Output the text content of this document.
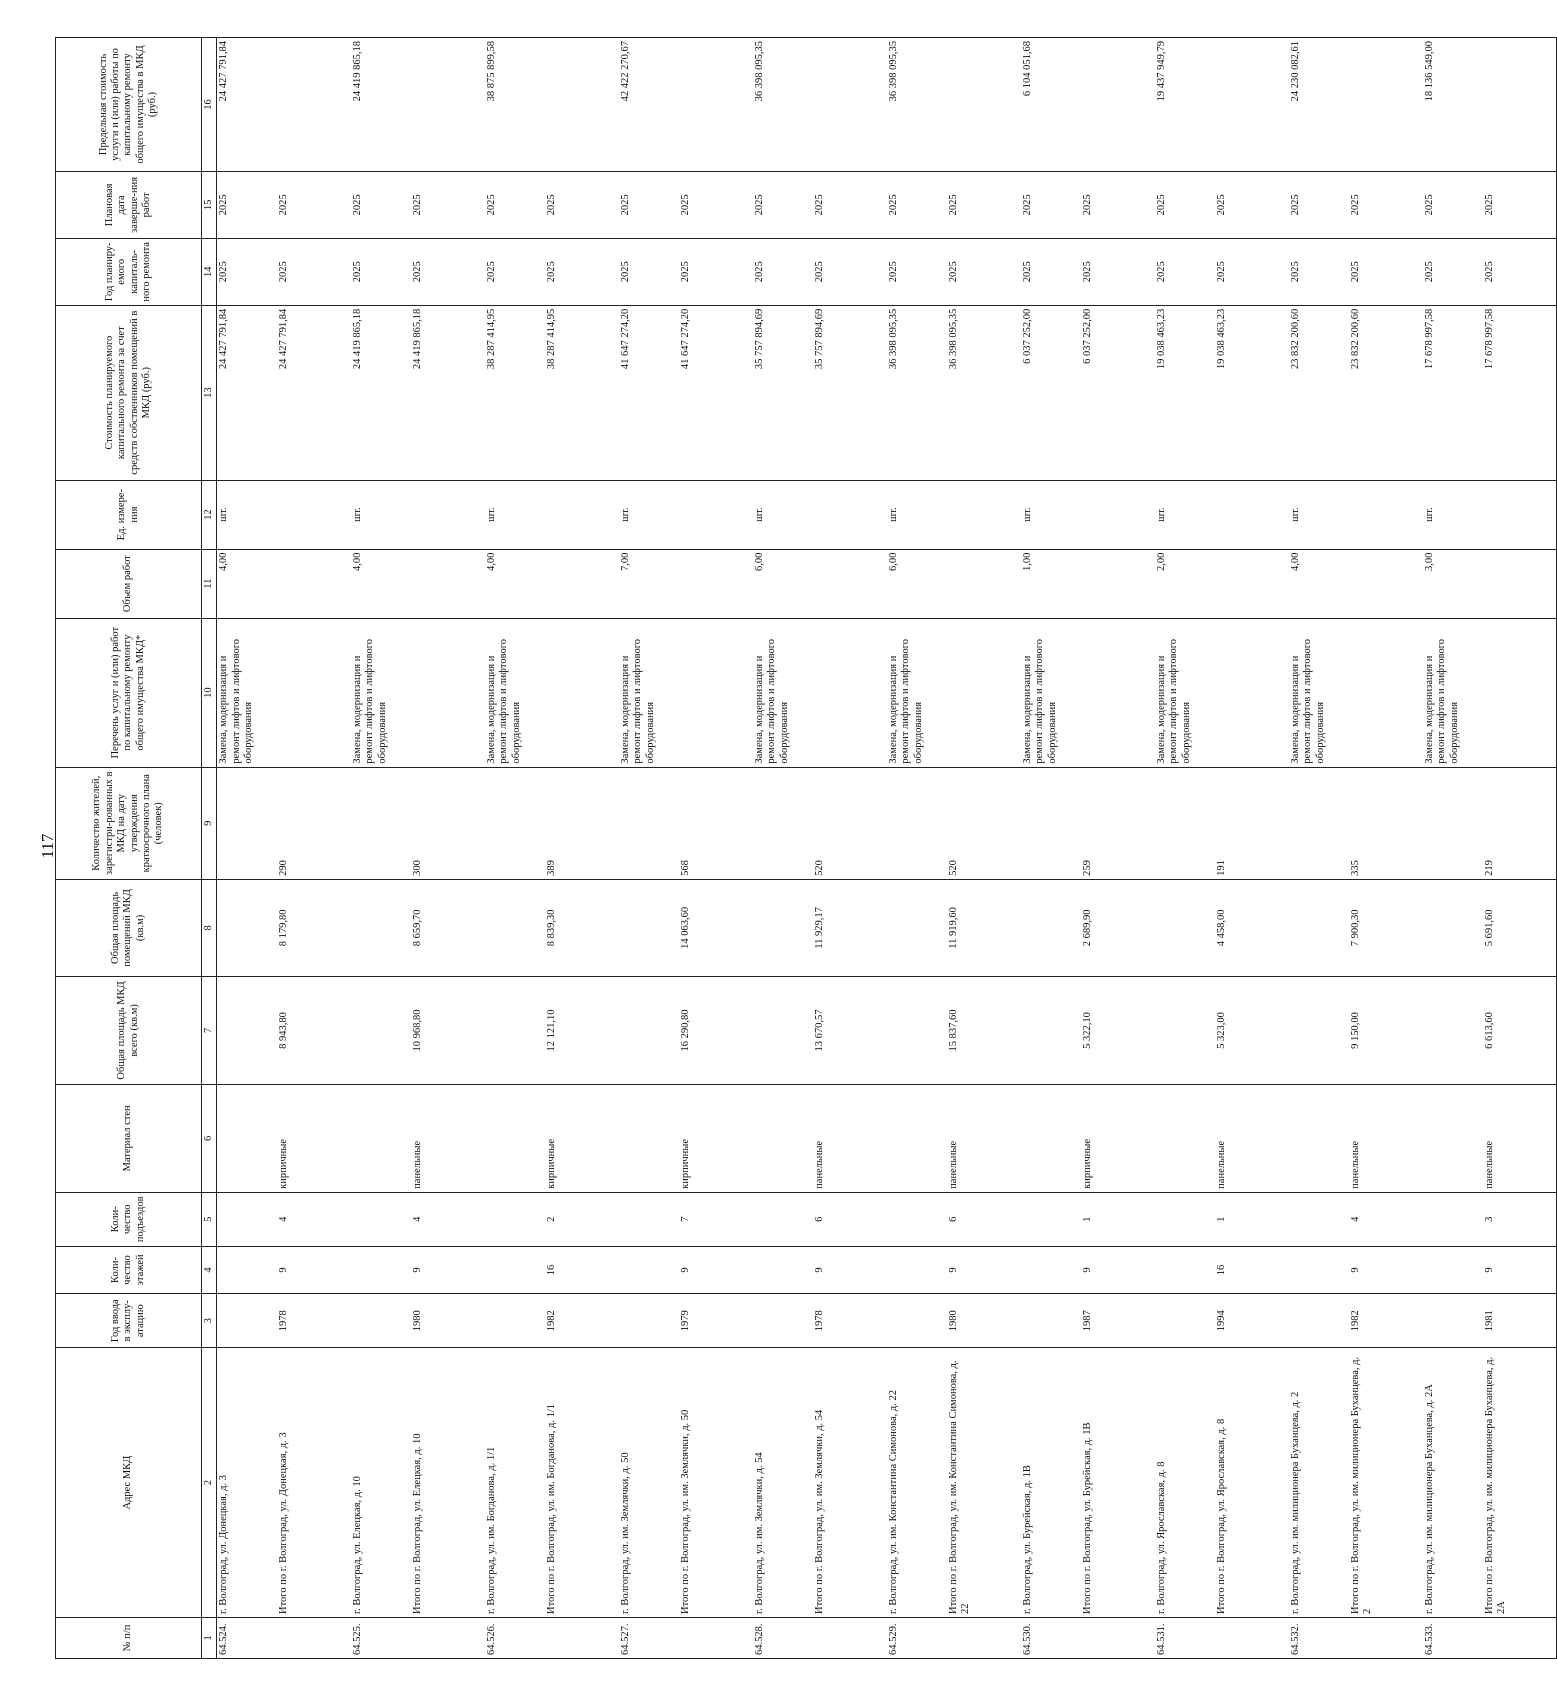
117
№ п/п	Адрес МКД	Год ввода в эксплу-атацию	Коли-чество этажей	Коли-чество подъездов	Материал стен	Общая площадь МКД всего (кв.м)	Общая площадь помещений МКД (кв.м)	Количество жителей, зарегистри-рованных в МКД на дату утверждения краткосрочного плана (человек)	Перечень услуг и (или) работ по капитальному ремонту общего имущества МКД*	Объем работ	Ед. измере-ния	Стоимость планируемого капитального ремонта за счет средств собственников помещений в МКД (руб.)	Год планиру-емого капиталь-ного ремонта	Плановая дата заверше-ния работ	Предельная стоимость услуги и (или) работы по капитальному ремонту общего имущества в МКД (руб.)
1	2	3	4	5	6	7	8	9	10	11	12	13	14	15	16
64.524.	г. Волгоград, ул. Донецкая, д. 3								Замена, модернизация и ремонт лифтов и лифтового оборудования	4,00	шт.	24 427 791,84	2025	2025	24 427 791,84
	Итого по г. Волгоград, ул. Донецкая, д. 3	1978	9	4	кирпичные	8 943,80	8 179,80	290				24 427 791,84	2025	2025	
64.525.	г. Волгоград, ул. Елецкая, д. 10								Замена, модернизация и ремонт лифтов и лифтового оборудования	4,00	шт.	24 419 865,18	2025	2025	24 419 865,18
	Итого по г. Волгоград, ул. Елецкая, д. 10	1980	9	4	панельные	10 968,80	8 659,70	300				24 419 865,18	2025	2025	
64.526.	г. Волгоград, ул. им. Богданова, д. 1/1								Замена, модернизация и ремонт лифтов и лифтового оборудования	4,00	шт.	38 287 414,95	2025	2025	38 875 899,58
	Итого по г. Волгоград, ул. им. Богданова, д. 1/1	1982	16	2	кирпичные	12 121,10	8 839,30	389				38 287 414,95	2025	2025	
64.527.	г. Волгоград, ул. им. Землячки, д. 50								Замена, модернизация и ремонт лифтов и лифтового оборудования	7,00	шт.	41 647 274,20	2025	2025	42 422 270,67
	Итого по г. Волгоград, ул. им. Землячки, д. 50	1979	9	7	кирпичные	16 290,80	14 063,60	568				41 647 274,20	2025	2025	
64.528.	г. Волгоград, ул. им. Землячки, д. 54								Замена, модернизация и ремонт лифтов и лифтового оборудования	6,00	шт.	35 757 894,69	2025	2025	36 398 095,35
	Итого по г. Волгоград, ул. им. Землячки, д. 54	1978	9	6	панельные	13 670,57	11 929,17	520				35 757 894,69	2025	2025	
64.529.	г. Волгоград, ул. им. Константина Симонова, д. 22								Замена, модернизация и ремонт лифтов и лифтового оборудования	6,00	шт.	36 398 095,35	2025	2025	36 398 095,35
	Итого по г. Волгоград, ул. им. Константина Симонова, д. 22	1980	9	6	панельные	15 837,60	11 919,60	520				36 398 095,35	2025	2025	
64.530.	г. Волгоград, ул. Бурейская, д. 1В								Замена, модернизация и ремонт лифтов и лифтового оборудования	1,00	шт.	6 037 252,00	2025	2025	6 104 051,68
	Итого по г. Волгоград, ул. Бурейская, д. 1В	1987	9	1	кирпичные	5 322,10	2 689,90	259				6 037 252,00	2025	2025	
64.531.	г. Волгоград, ул. Ярославская, д. 8								Замена, модернизация и ремонт лифтов и лифтового оборудования	2,00	шт.	19 038 463,23	2025	2025	19 437 949,79
	Итого по г. Волгоград, ул. Ярославская, д. 8	1994	16	1	панельные	5 323,00	4 458,00	191				19 038 463,23	2025	2025	
64.532.	г. Волгоград, ул. им. милиционера Буханцева, д. 2								Замена, модернизация и ремонт лифтов и лифтового оборудования	4,00	шт.	23 832 200,60	2025	2025	24 230 082,61
	Итого по г. Волгоград, ул. им. милиционера Буханцева, д. 2	1982	9	4	панельные	9 150,00	7 900,30	335				23 832 200,60	2025	2025	
64.533.	г. Волгоград, ул. им. милиционера Буханцева, д. 2А								Замена, модернизация и ремонт лифтов и лифтового оборудования	3,00	шт.	17 678 997,58	2025	2025	18 136 549,00
	Итого по г. Волгоград, ул. им. милиционера Буханцева, д. 2А	1981	9	3	панельные	6 613,60	5 691,60	219				17 678 997,58	2025	2025	
